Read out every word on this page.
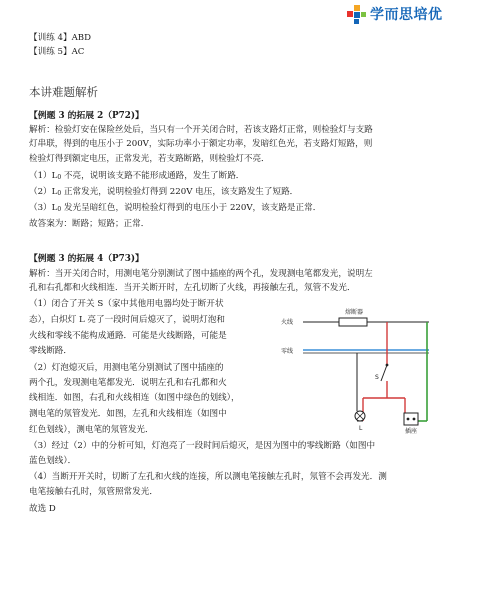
学而思培优
【训练 4】ABD
【训练 5】AC
本讲难题解析
【例题 3 的拓展 2（P72)】
解析：检验灯安在保险丝处后，当只有一个开关闭合时，若该支路灯正常，则检验灯与支路
灯串联，得到的电压小于 200V，实际功率小于额定功率，发暗红色光，若支路灯短路，则
检验灯得到额定电压，正常发光，若支路断路，则检验灯不亮．
$(1)L_0$ 不亮，说明该支路不能形成通路，发生了断路．
$(2)L_0$ 正常发光，说明检验灯得到 220V 电压，该支路发生了短路．
$(3)L_0$ 发光呈暗红色，说明检验灯得到的电压小于 220V，该支路是正常．
故答案为：断路；短路；正常．
【例题 3 的拓展 4（P73)】
解析：当开关闭合时，用测电笔分别测试了图中插座的两个孔，发现测电笔都发光，说明左
孔和右孔都和火线相连．当开关断开时，左孔切断了火线，再接触左孔，氖管不发光．
（1）闭合了开关 S（家中其他用电器均处于断开状
态），白炽灯 L 亮了一段时间后熄灭了，说明灯泡和
火线和零线不能构成通路．可能是火线断路，可能是
零线断路．
（2）灯泡熄灭后，用测电笔分别测试了图中插座的
两个孔，发现测电笔都发光．说明左孔和右孔都和火
线相连．如图，右孔和火线相连（如图中绿色的划线），
测电笔的氖管发光．如图，左孔和火线相连（如图中
红色划线），测电笔的氖管发光．
（3）经过（2）中的分析可知，灯泡亮了一段时间后熄灭，是因为图中的零线断路（如图中
蓝色划线）．
（4）当断开开关时，切断了左孔和火线的连接，所以测电笔接触左孔时，氖管不会再发光．测
电笔接触右孔时，氖管照常发光．
故选 D
熔断器
火线
零线
S
L	插座
